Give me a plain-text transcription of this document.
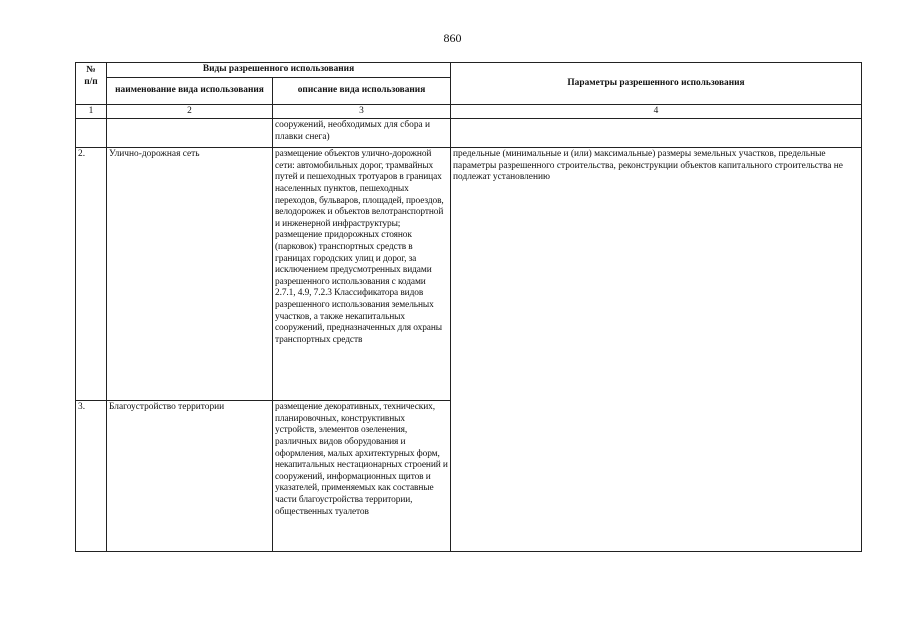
860
№
п/п	Виды разрешенного использования		Параметры разрешенного использования
	наименование вида использования	описание вида использования	
1	2	3	4
		сооружений, необходимых для сбора и плавки снега)	
2.	Улично-дорожная сеть	размещение объектов улично-дорожной сети: автомобильных дорог, трамвайных путей и пешеходных тротуаров в границах населенных пунктов, пешеходных переходов, бульваров, площадей, проездов, велодорожек и объектов велотранспортной и инженерной инфраструктуры;
размещение придорожных стоянок (парковок) транспортных средств в границах городских улиц и дорог, за исключением предусмотренных видами разрешенного использования с кодами 2.7.1, 4.9, 7.2.3 Классификатора видов разрешенного использования земельных участков, а также некапитальных сооружений, предназначенных для охраны транспортных средств	предельные (минимальные и (или) максимальные) размеры земельных участков, предельные параметры разрешенного строительства, реконструкции объектов капитального строительства не подлежат установлению
3.	Благоустройство территории	размещение декоративных, технических, планировочных, конструктивных устройств, элементов озеленения, различных видов оборудования и оформления, малых архитектурных форм, некапитальных нестационарных строений и сооружений, информационных щитов и указателей, применяемых как составные части благоустройства территории, общественных туалетов	
